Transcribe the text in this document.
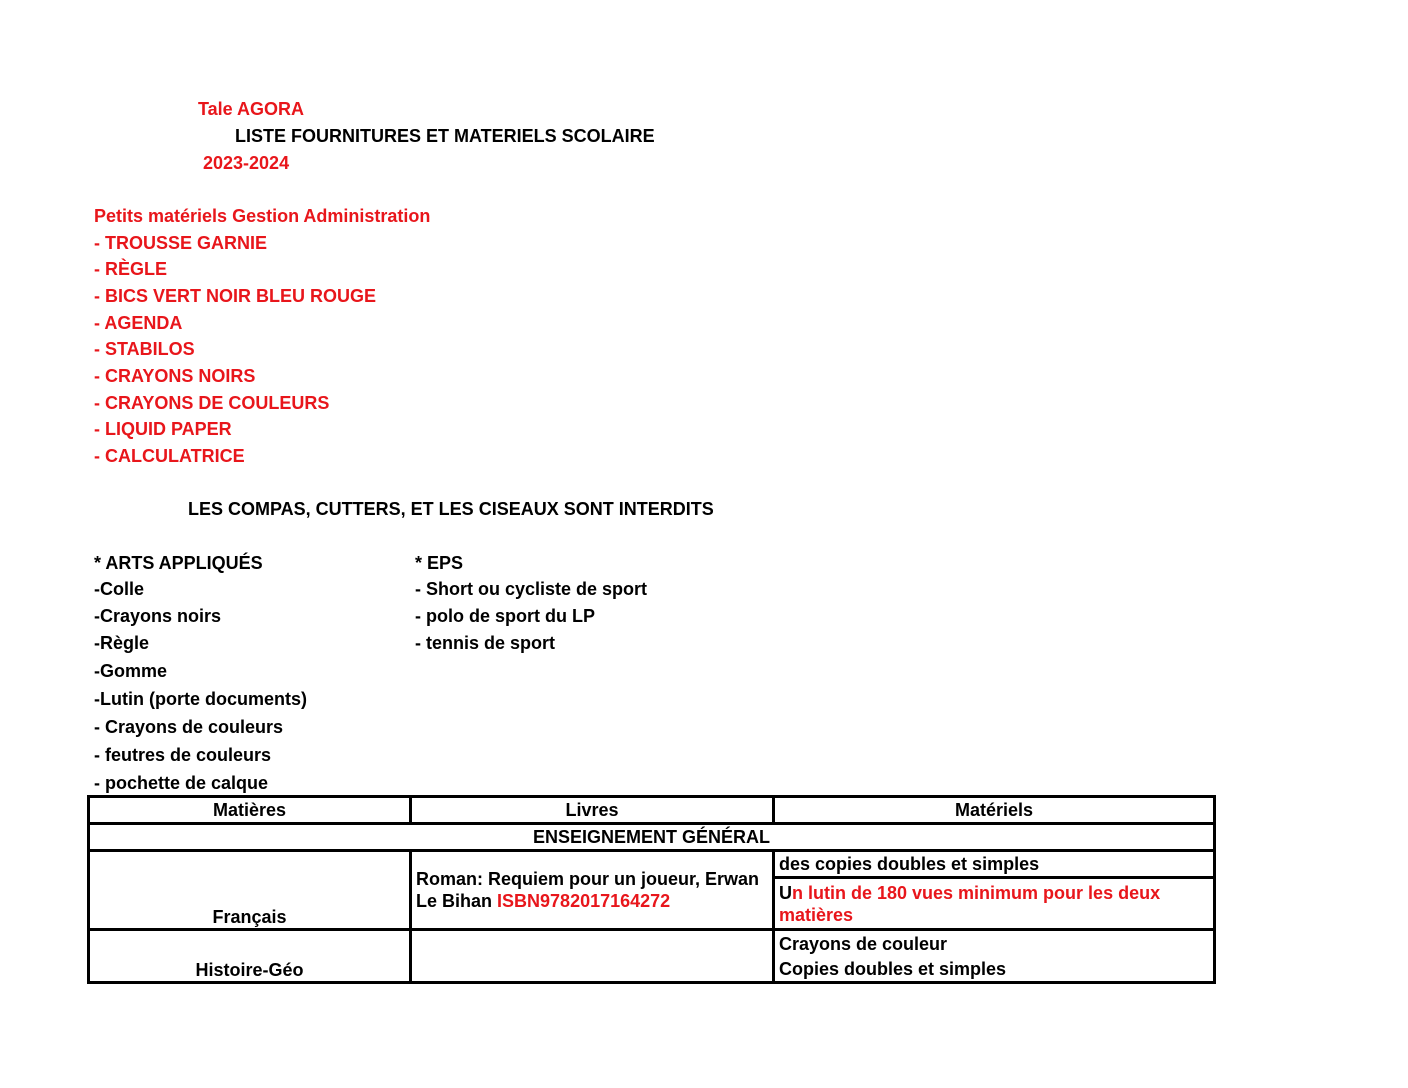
Tale AGORA
LISTE FOURNITURES ET MATERIELS SCOLAIRE
2023-2024
Petits matériels Gestion Administration
- TROUSSE GARNIE
- RÈGLE
- BICS VERT NOIR BLEU ROUGE
- AGENDA
- STABILOS
- CRAYONS NOIRS
- CRAYONS DE COULEURS
- LIQUID PAPER
- CALCULATRICE
LES COMPAS, CUTTERS, ET LES CISEAUX SONT INTERDITS
* ARTS APPLIQUÉS
-Colle
-Crayons noirs
-Règle
-Gomme
-Lutin (porte documents)
- Crayons de couleurs
- feutres de couleurs
- pochette de calque
* EPS
- Short ou cycliste de sport
- polo de sport du LP
- tennis de sport
Matières	Livres	Matériels
ENSEIGNEMENT GÉNÉRAL		
Français	Roman: Requiem pour un joueur, Erwan Le Bihan ISBN9782017164272	des copies doubles et simples
		Un lutin de 180 vues minimum pour les deux matières
Histoire-Géo		Crayons de couleur
		Copies doubles et simples
